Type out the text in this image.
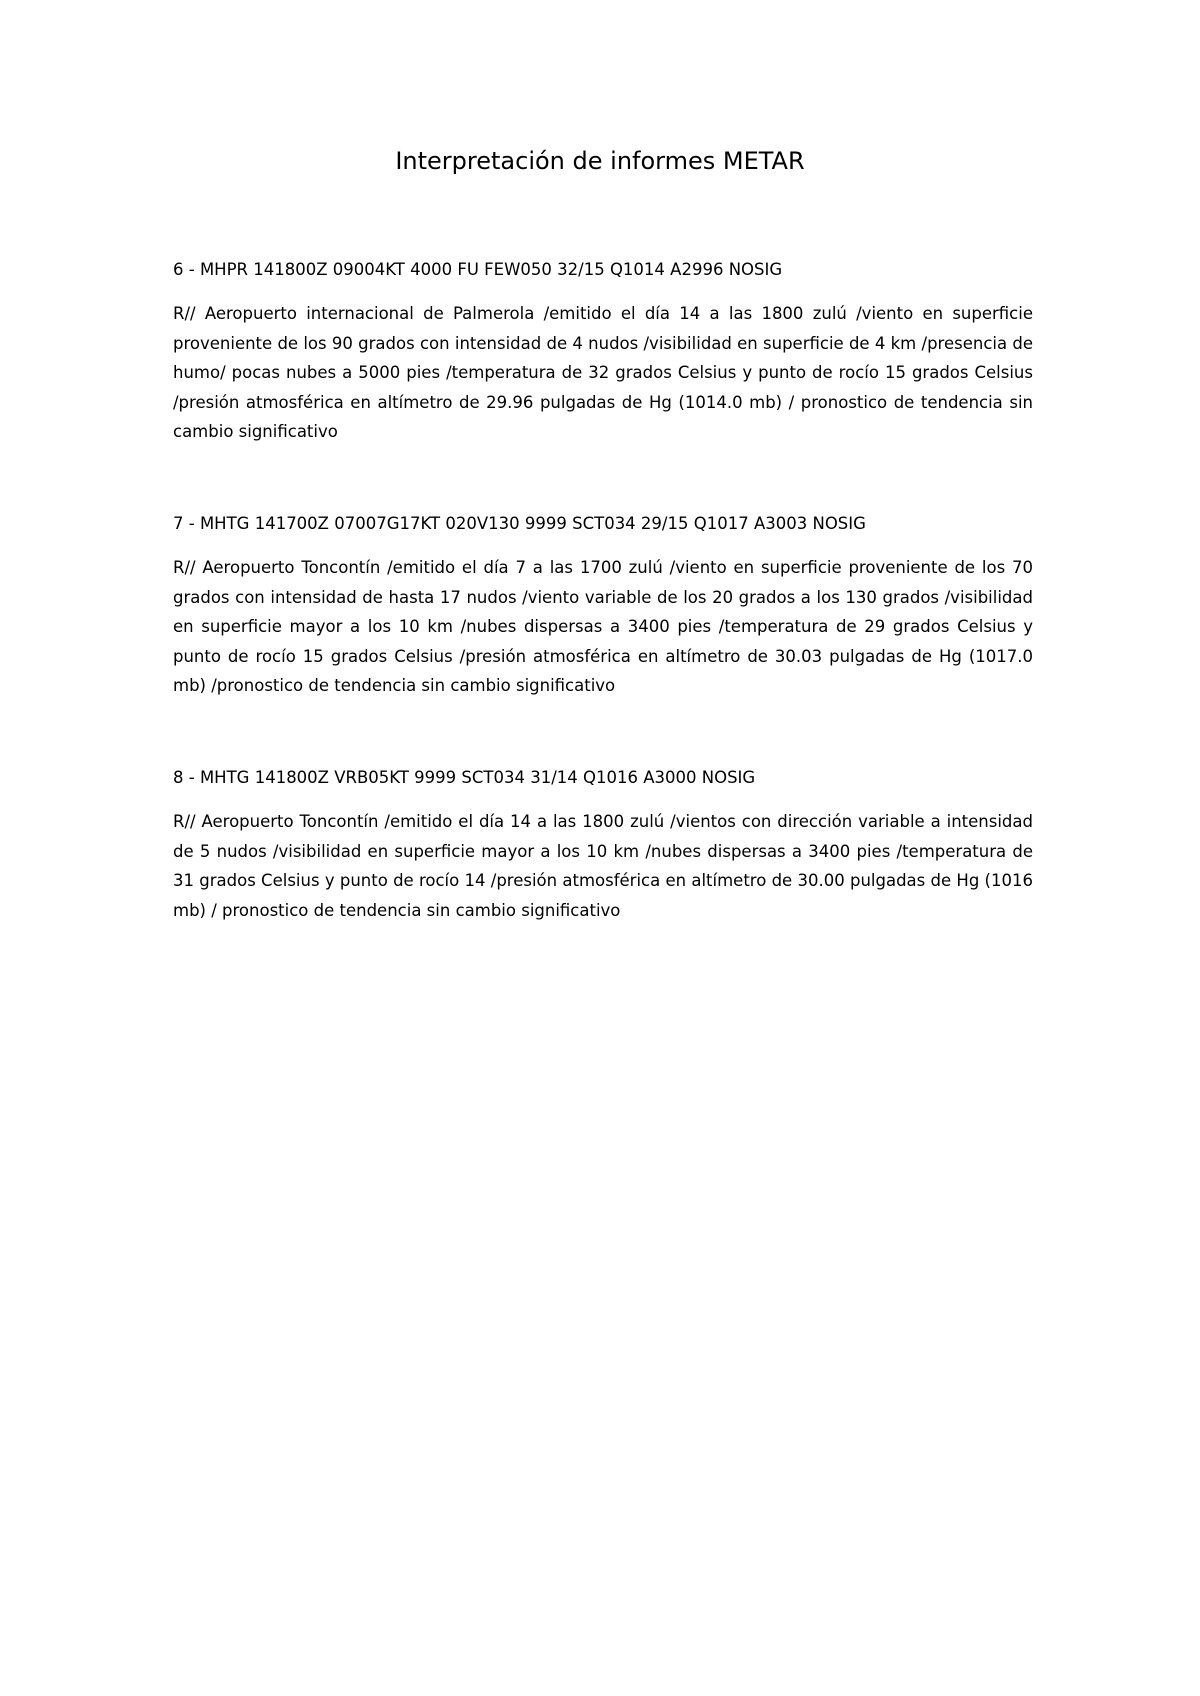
Interpretación de informes METAR

6 - MHPR 141800Z 09004KT 4000 FU FEW050 32/15 Q1014 A2996 NOSIG

R// Aeropuerto internacional de Palmerola /emitido el día 14 a las 1800 zulú /viento en superficie proveniente de los 90 grados con intensidad de 4 nudos /visibilidad en superficie de 4 km /presencia de humo/ pocas nubes a 5000 pies /temperatura de 32 grados Celsius y punto de rocío 15 grados Celsius /presión atmosférica en altímetro de 29.96 pulgadas de Hg (1014.0 mb) / pronostico de tendencia sin cambio significativo

7 - MHTG 141700Z 07007G17KT 020V130 9999 SCT034 29/15 Q1017 A3003 NOSIG

R// Aeropuerto Toncontín /emitido el día 7 a las 1700 zulú /viento en superficie proveniente de los 70 grados con intensidad de hasta 17 nudos /viento variable de los 20 grados a los 130 grados /visibilidad en superficie mayor a los 10 km /nubes dispersas a 3400 pies /temperatura de 29 grados Celsius y punto de rocío 15 grados Celsius /presión atmosférica en altímetro de 30.03 pulgadas de Hg (1017.0 mb) /pronostico de tendencia sin cambio significativo

8 - MHTG 141800Z VRB05KT 9999 SCT034 31/14 Q1016 A3000 NOSIG

R// Aeropuerto Toncontín /emitido el día 14 a las 1800 zulú /vientos con dirección variable a intensidad de 5 nudos /visibilidad en superficie mayor a los 10 km /nubes dispersas a 3400 pies /temperatura de 31 grados Celsius y punto de rocío 14 /presión atmosférica en altímetro de 30.00 pulgadas de Hg (1016 mb) / pronostico de tendencia sin cambio significativo
